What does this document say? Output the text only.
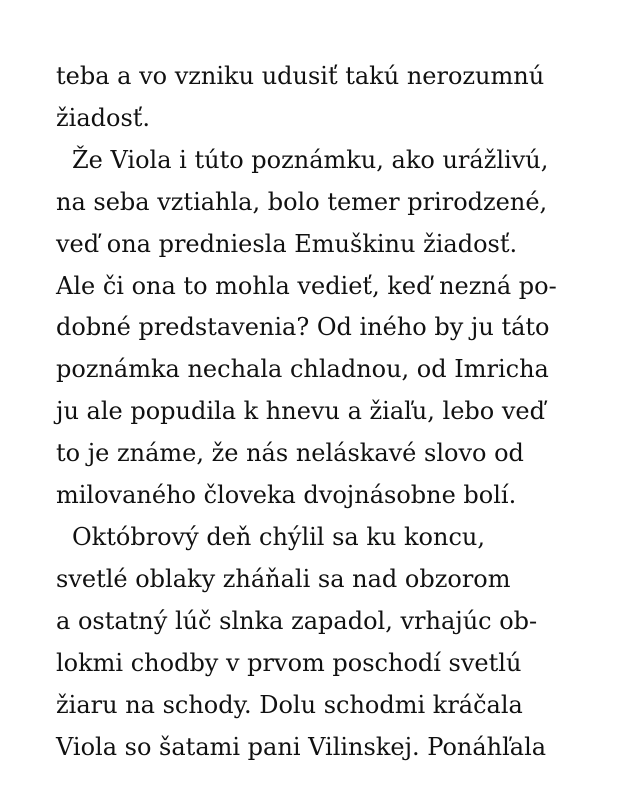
teba a vo vzniku udusiť takú nerozumnú
žiadosť.
Že Viola i túto poznámku, ako urážlivú,
na seba vztiahla, bolo temer prirodzené,
veď ona predniesla Emuškinu žiadosť.
Ale či ona to mohla vedieť, keď nezná po-
dobné predstavenia? Od iného by ju táto
poznámka nechala chladnou, od Imricha
ju ale popudila k hnevu a žiaľu, lebo veď
to je známe, že nás neláskavé slovo od
milovaného človeka dvojnásobne bolí.
Októbrový deň chýlil sa ku koncu,
svetlé oblaky zháňali sa nad obzorom
a ostatný lúč slnka zapadol, vrhajúc ob-
lokmi chodby v prvom poschodí svetlú
žiaru na schody. Dolu schodmi kráčala
Viola so šatami pani Vilinskej. Ponáhľala
